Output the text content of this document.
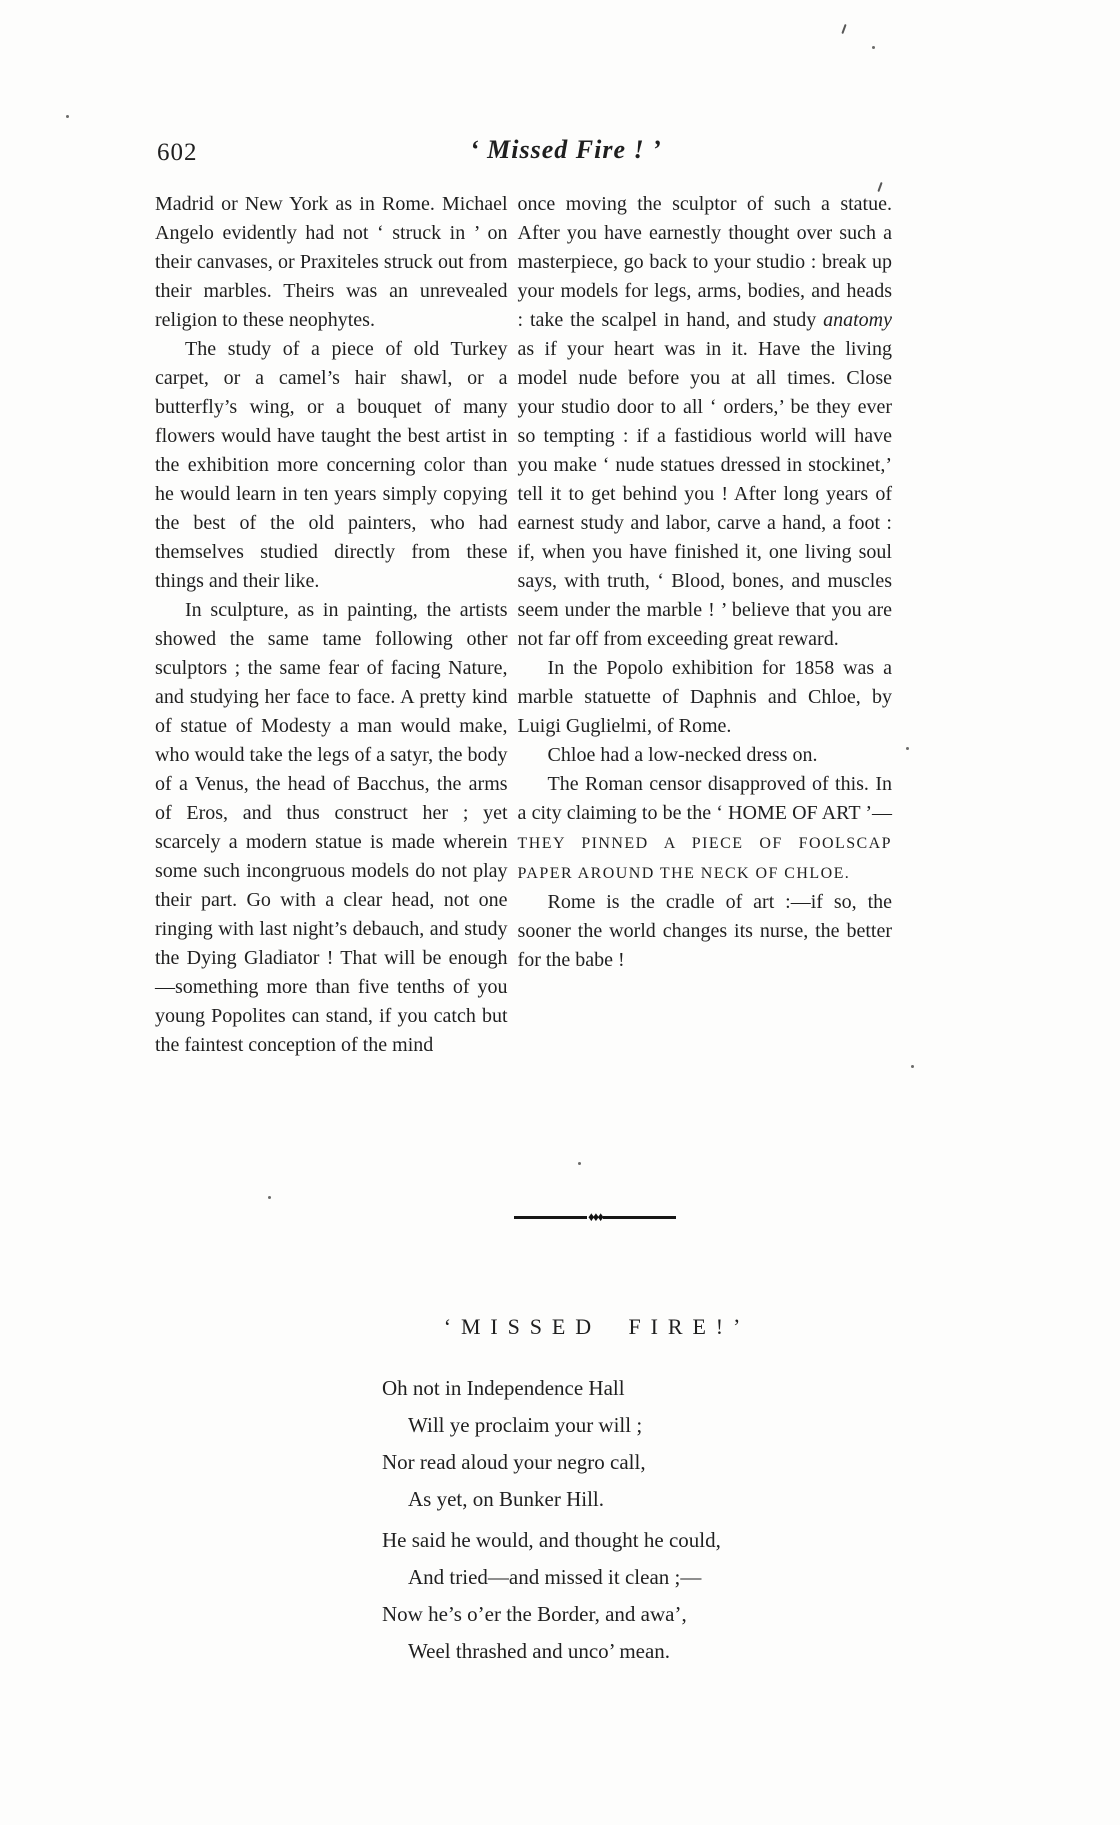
602	‘ Missed Fire ! ’

Madrid or New York as in Rome. Michael Angelo evidently had not ‘ struck in ’ on their canvases, or Praxiteles struck out from their marbles. Theirs was an unrevealed religion to these neophytes.

The study of a piece of old Turkey carpet, or a camel’s hair shawl, or a butterfly’s wing, or a bouquet of many flowers would have taught the best artist in the exhibition more concerning color than he would learn in ten years simply copying the best of the old painters, who had themselves studied directly from these things and their like.

In sculpture, as in painting, the artists showed the same tame following other sculptors ; the same fear of facing Nature, and studying her face to face. A pretty kind of statue of Modesty a man would make, who would take the legs of a satyr, the body of a Venus, the head of Bacchus, the arms of Eros, and thus construct her ; yet scarcely a modern statue is made wherein some such incongruous models do not play their part. Go with a clear head, not one ringing with last night’s debauch, and study the Dying Gladiator ! That will be enough—something more than five tenths of you young Popolites can stand, if you catch but the faintest conception of the mind

once moving the sculptor of such a statue. After you have earnestly thought over such a masterpiece, go back to your studio : break up your models for legs, arms, bodies, and heads : take the scalpel in hand, and study anatomy as if your heart was in it. Have the living model nude before you at all times. Close your studio door to all ‘ orders,’ be they ever so tempting : if a fastidious world will have you make ‘ nude statues dressed in stockinet,’ tell it to get behind you ! After long years of earnest study and labor, carve a hand, a foot : if, when you have finished it, one living soul says, with truth, ‘ Blood, bones, and muscles seem under the marble ! ’ believe that you are not far off from exceeding great reward.

In the Popolo exhibition for 1858 was a marble statuette of Daphnis and Chloe, by Luigi Guglielmi, of Rome.

Chloe had a low-necked dress on.

The Roman censor disapproved of this. In a city claiming to be the ‘ HOME OF ART ’—THEY PINNED A PIECE OF FOOLSCAP PAPER AROUND THE NECK OF CHLOE.

Rome is the cradle of art :—if so, the sooner the world changes its nurse, the better for the babe !

♦♦♦
‘MISSED FIRE!’
Oh not in Independence Hall
Will ye proclaim your will ;
Nor read aloud your negro call,
As yet, on Bunker Hill.
He said he would, and thought he could,
And tried—and missed it clean ;—
Now he’s o’er the Border, and awa’,
Weel thrashed and unco’ mean.
